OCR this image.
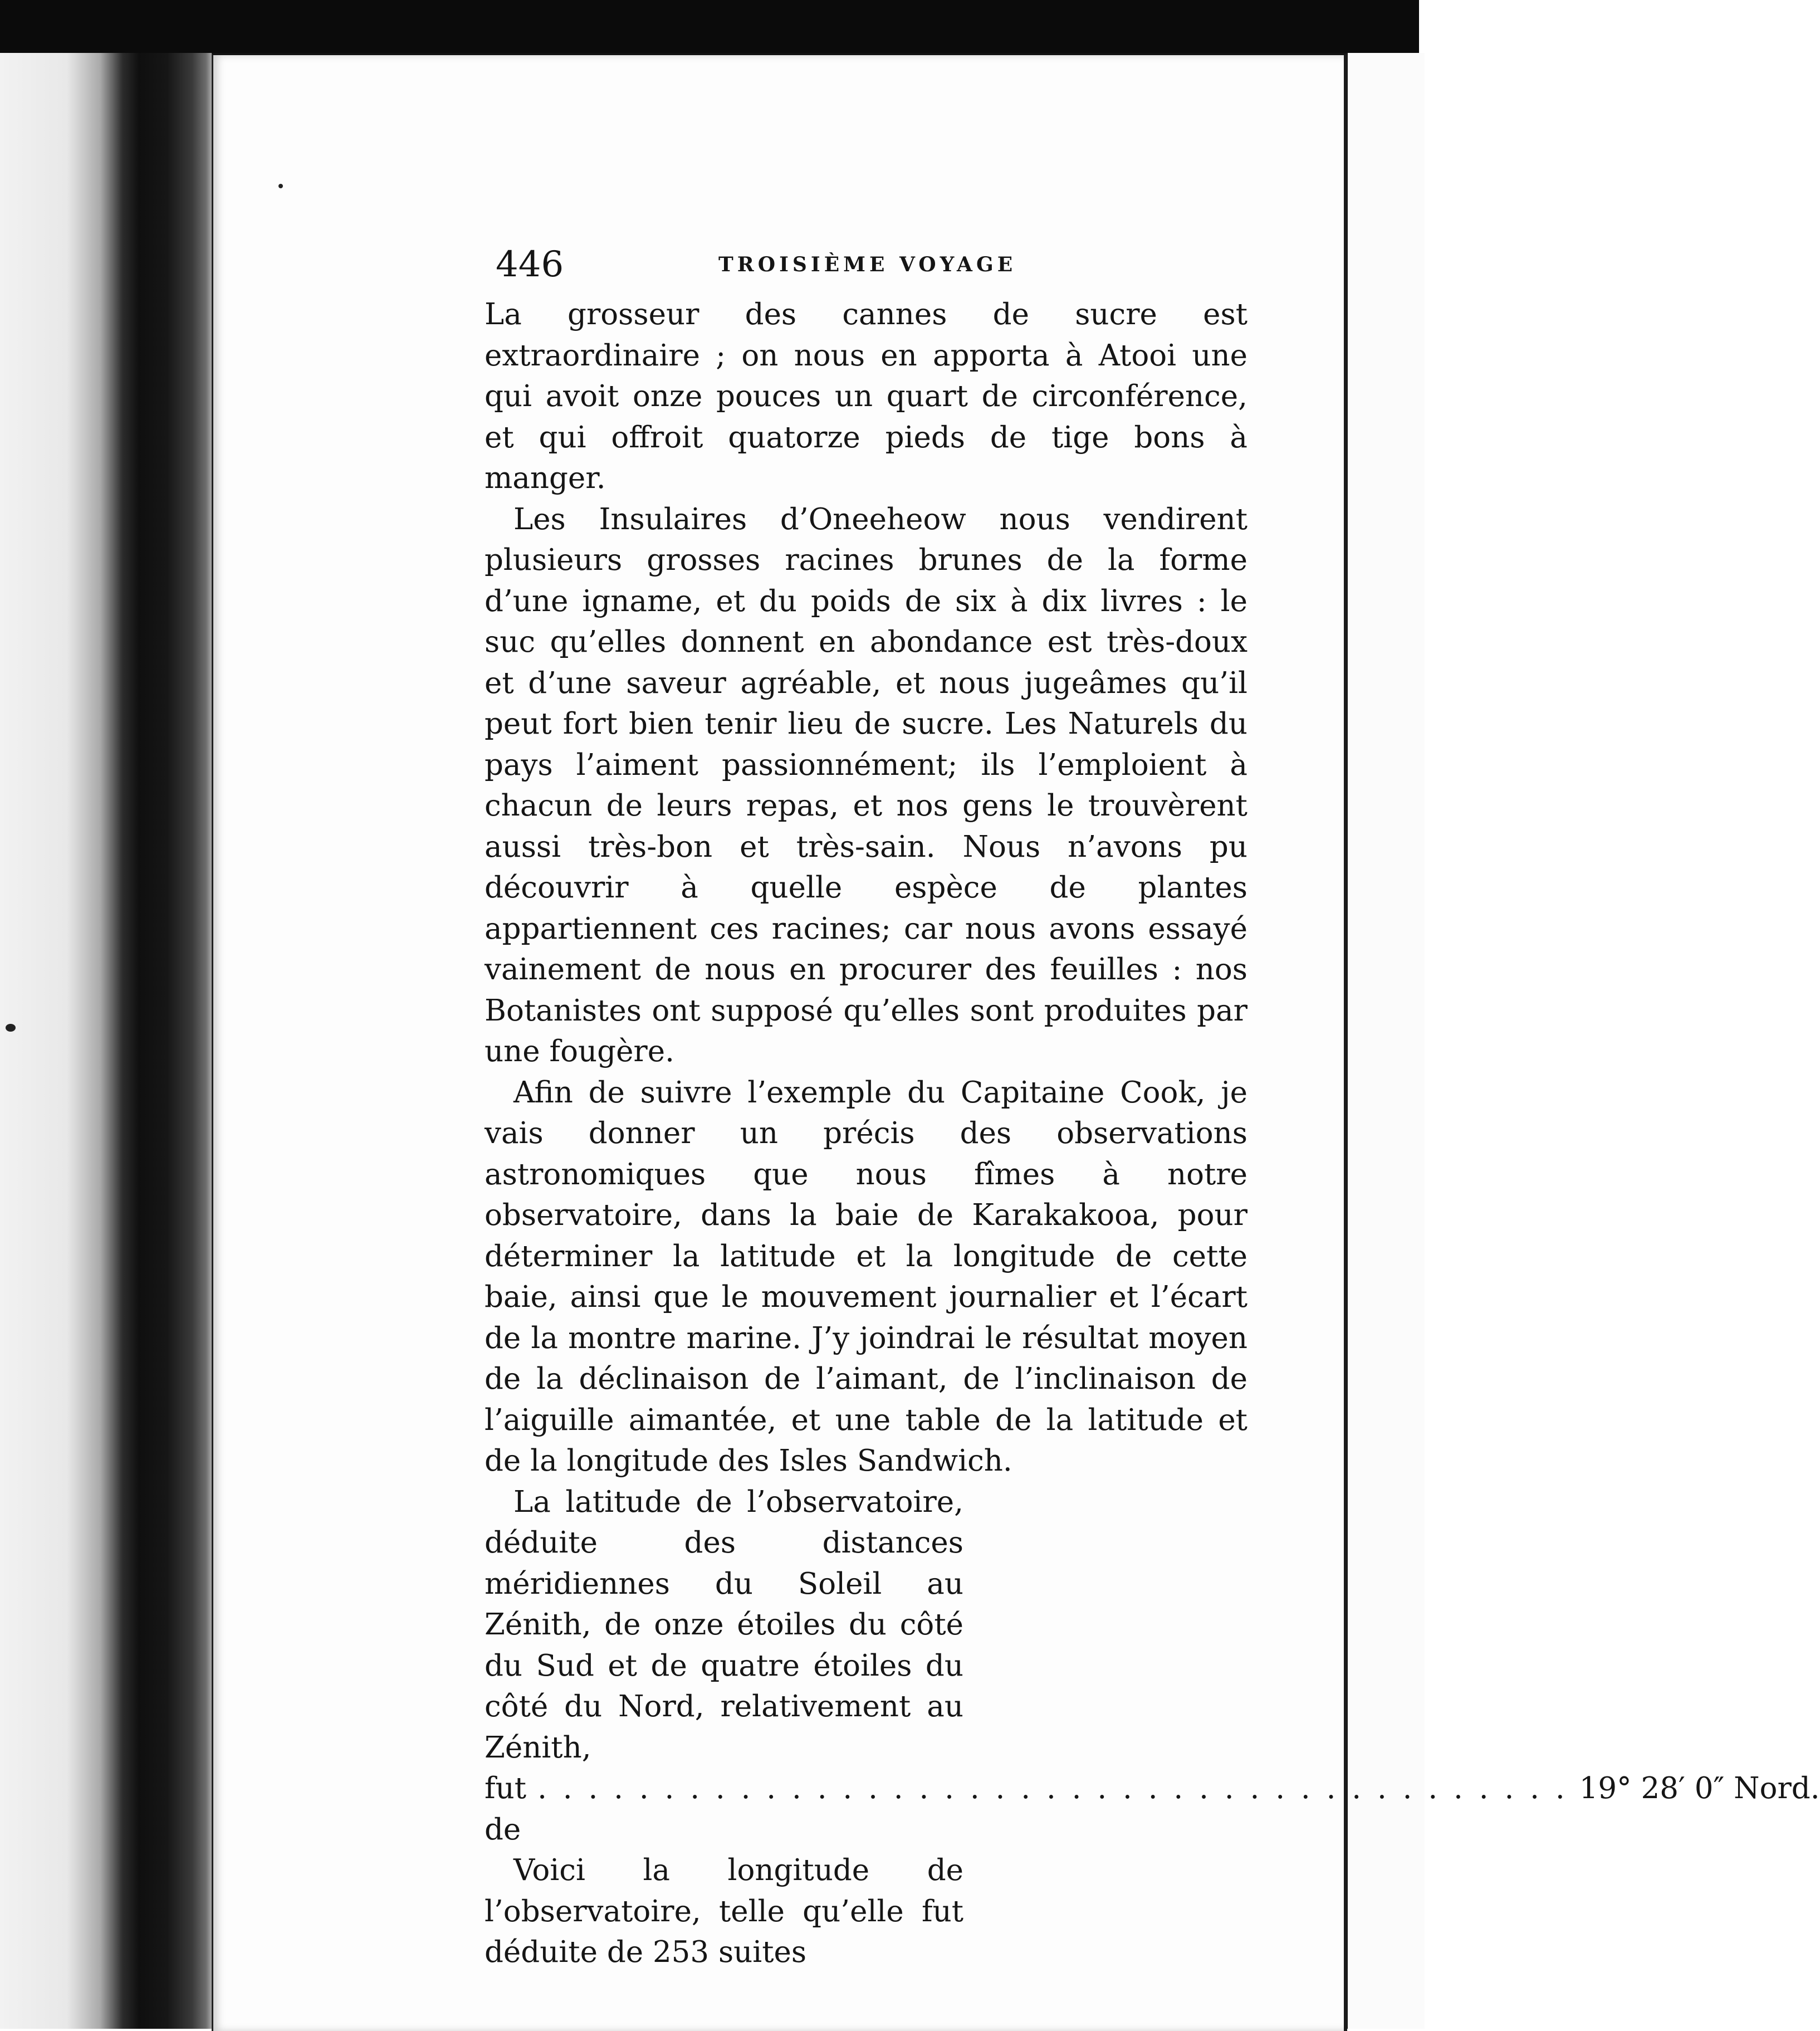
446	TROISIÈME VOYAGE

La grosseur des cannes de sucre est extraordinaire ; on nous en apporta à Atooi une qui avoit onze pouces un quart de circonférence, et qui offroit quatorze pieds de tige bons à manger.

Les Insulaires d’Oneeheow nous vendirent plusieurs grosses racines brunes de la forme d’une igname, et du poids de six à dix livres : le suc qu’elles donnent en abondance est très-doux et d’une saveur agréable, et nous jugeâmes qu’il peut fort bien tenir lieu de sucre. Les Naturels du pays l’aiment passionnément; ils l’emploient à chacun de leurs repas, et nos gens le trouvèrent aussi très-bon et très-sain. Nous n’avons pu découvrir à quelle espèce de plantes appartiennent ces racines; car nous avons essayé vainement de nous en procurer des feuilles : nos Botanistes ont supposé qu’elles sont produites par une fougère.

Afin de suivre l’exemple du Capitaine Cook, je vais donner un précis des observations astronomiques que nous fîmes à notre observatoire, dans la baie de Karakakooa, pour déterminer la latitude et la longitude de cette baie, ainsi que le mouvement journalier et l’écart de la montre marine. J’y joindrai le résultat moyen de la déclinaison de l’aimant, de l’inclinaison de l’aiguille aimantée, et une table de la latitude et de la longitude des Isles Sandwich.

La latitude de l’observatoire, déduite des distances méridiennes du Soleil au Zénith, de onze étoiles du côté du Sud et de quatre étoiles du côté du Nord, relativement au Zénith,
fut de
. . . . . . . . . . . . . . . . . . . . . . . . . . . . . . . . . . . . . . . . . 19° 28′ 0″ Nord.
Voici la longitude de l’observatoire, telle qu’elle fut déduite de 253 suites
